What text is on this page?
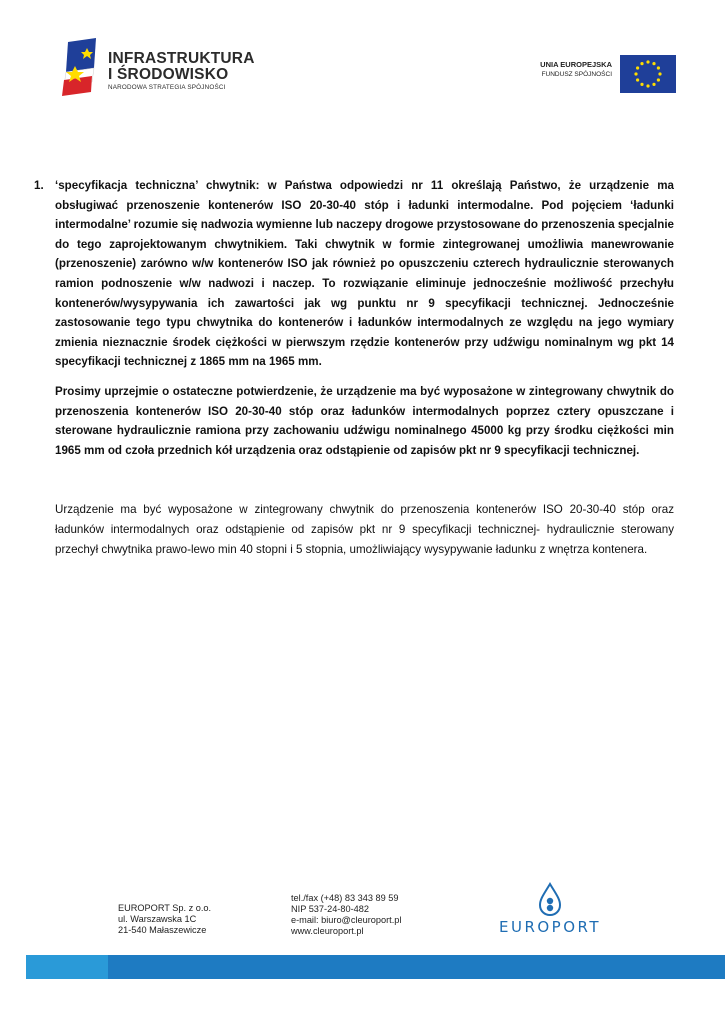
INFRASTRUKTURA
I ŚRODOWISKO
NARODOWA STRATEGIA SPÓJNOŚCI
UNIA EUROPEJSKA
FUNDUSZ SPÓJNOŚCI
1. ‘specyfikacja techniczna’ chwytnik: w Państwa odpowiedzi nr 11 określają Państwo, że urządzenie ma obsługiwać przenoszenie kontenerów ISO 20-30-40 stóp i ładunki intermodalne. Pod pojęciem ‘ładunki intermodalne’ rozumie się nadwozia wymienne lub naczepy drogowe przystosowane do przenoszenia specjalnie do tego zaprojektowanym chwytnikiem. Taki chwytnik w formie zintegrowanej umożliwia manewrowanie (przenoszenie) zarówno w/w kontenerów ISO jak również po opuszczeniu czterech hydraulicznie sterowanych ramion podnoszenie w/w nadwozi i naczep. To rozwiązanie eliminuje jednocześnie możliwość przechyłu kontenerów/wysypywania ich zawartości jak wg punktu nr 9 specyfikacji technicznej. Jednocześnie zastosowanie tego typu chwytnika do kontenerów i ładunków intermodalnych ze względu na jego wymiary zmienia nieznacznie środek ciężkości w pierwszym rzędzie kontenerów przy udźwigu nominalnym wg pkt 14 specyfikacji technicznej z 1865 mm na 1965 mm.

Prosimy uprzejmie o ostateczne potwierdzenie, że urządzenie ma być wyposażone w zintegrowany chwytnik do przenoszenia kontenerów ISO 20-30-40 stóp oraz ładunków intermodalnych poprzez cztery opuszczane i sterowane hydraulicznie ramiona przy zachowaniu udźwigu nominalnego 45000 kg przy środku ciężkości min 1965 mm od czoła przednich kół urządzenia oraz odstąpienie od zapisów pkt nr 9 specyfikacji technicznej.

Urządzenie ma być wyposażone w zintegrowany chwytnik do przenoszenia kontenerów ISO 20-30-40 stóp oraz ładunków intermodalnych oraz odstąpienie od zapisów pkt nr 9 specyfikacji technicznej- hydraulicznie sterowany przechył chwytnika prawo-lewo min 40 stopni i 5 stopnia, umożliwiający wysypywanie ładunku z wnętrza kontenera.

EUROPORT Sp. z o.o.
ul. Warszawska 1C
21-540 Małaszewicze
tel./fax (+48) 83 343 89 59
NIP 537-24-80-482
e-mail: biuro@cleuroport.pl
www.cleuroport.pl	EUROPORT
